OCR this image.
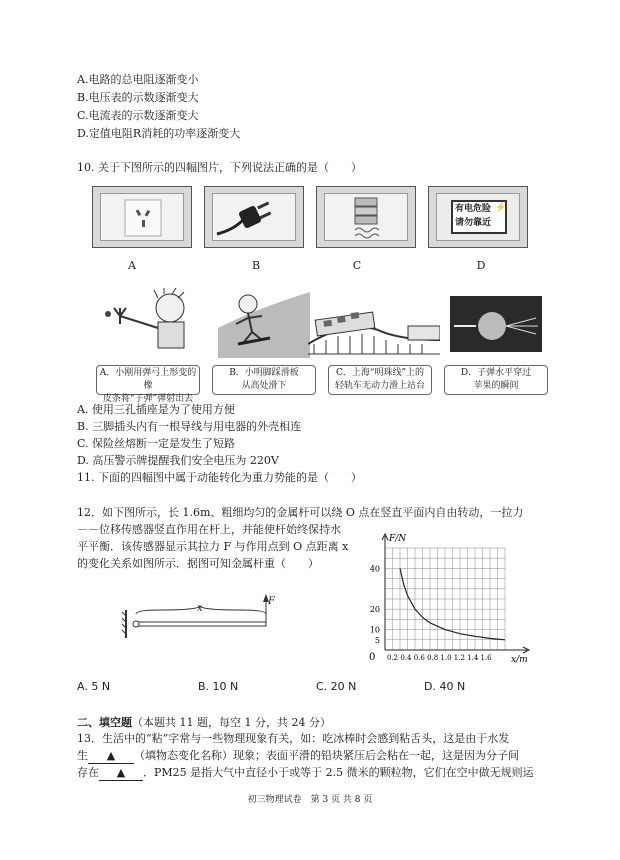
A.电路的总电阻逐渐变小
B.电压表的示数逐渐变大
C.电流表的示数逐渐变大
D.定值电阻R消耗的功率逐渐变大
10. 关于下图所示的四幅图片，下列说法正确的是（　　）
有电危险 ⚡
请勿靠近
A	B	C	D
A．小刚用弹弓上形变的橡
皮条将“子弹”弹射出去
B．小明脚踩滑板
从高处滑下
C．上海“明珠线”上的
轻轨车无动力滑上站台
D．子弹水平穿过
苹果的瞬间
A. 使用三孔插座是为了使用方便
B. 三脚插头内有一根导线与用电器的外壳相连
C. 保险丝熔断一定是发生了短路
D. 高压警示牌提醒我们安全电压为 220V
11. 下面的四幅图中属于动能转化为重力势能的是（　　）
12．如下图所示，长 1.6m、粗细均匀的金属杆可以绕 O 点在竖直平面内自由转动，一拉力
－－位移传感器竖直作用在杆上，并能使杆始终保持水
平平衡．该传感器显示其拉力 F 与作用点到 O 点距离 x
的变化关系如图所示．据图可知金属杆重（　　）
x
F
5
10
20
40
F/N
x/m
0 0.2 0.4 0.6 0.8 1.0 1.2 1.4 1.6
A. 5 N	B. 10 N	C. 20 N	D. 40 N
二、填空题（本题共 11 题，每空 1 分，共 24 分）
13．生活中的“粘”字常与一些物理现象有关，如：吃冰棒时会感到粘舌头，这是由于水发
生 ▲ （填物态变化名称）现象；表面平滑的铅块紧压后会粘在一起，这是因为分子间
存在 ▲ ．PM25 是指大气中直径小于或等于 2.5 微米的颗粒物，它们在空中做无规则运
初三物理试卷　第 3 页 共 8 页
